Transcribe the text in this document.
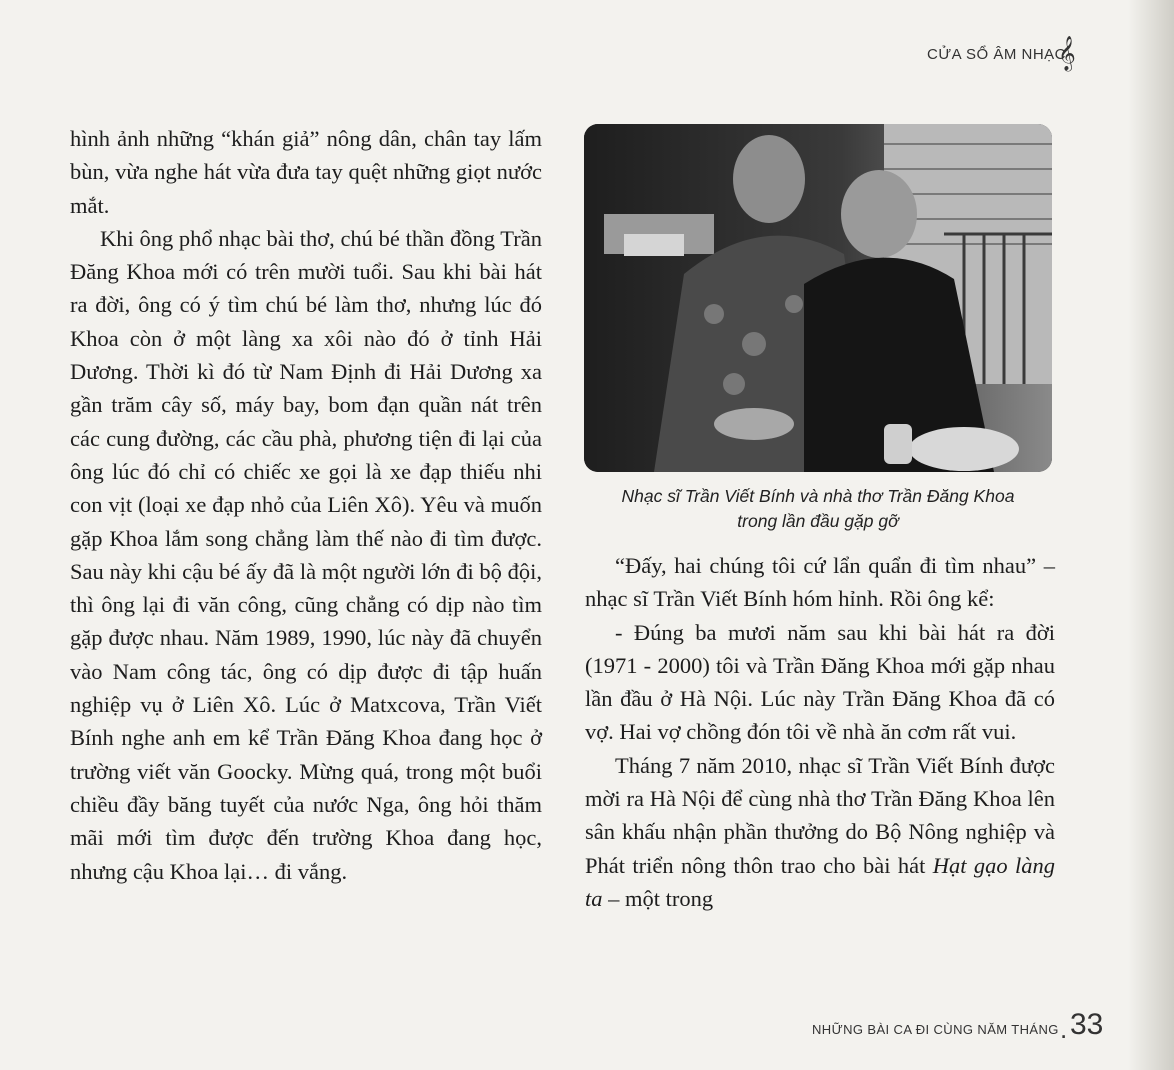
CỬA SỔ ÂM NHẠC
𝄞

hình ảnh những “khán giả” nông dân, chân tay lấm bùn, vừa nghe hát vừa đưa tay quệt những giọt nước mắt.

Khi ông phổ nhạc bài thơ, chú bé thần đồng Trần Đăng Khoa mới có trên mười tuổi. Sau khi bài hát ra đời, ông có ý tìm chú bé làm thơ, nhưng lúc đó Khoa còn ở một làng xa xôi nào đó ở tỉnh Hải Dương. Thời kì đó từ Nam Định đi Hải Dương xa gần trăm cây số, máy bay, bom đạn quần nát trên các cung đường, các cầu phà, phương tiện đi lại của ông lúc đó chỉ có chiếc xe gọi là xe đạp thiếu nhi con vịt (loại xe đạp nhỏ của Liên Xô). Yêu và muốn gặp Khoa lắm song chẳng làm thế nào đi tìm được. Sau này khi cậu bé ấy đã là một người lớn đi bộ đội, thì ông lại đi văn công, cũng chẳng có dịp nào tìm gặp được nhau. Năm 1989, 1990, lúc này đã chuyển vào Nam công tác, ông có dịp được đi tập huấn nghiệp vụ ở Liên Xô. Lúc ở Matxcova, Trần Viết Bính nghe anh em kể Trần Đăng Khoa đang học ở trường viết văn Goocky. Mừng quá, trong một buổi chiều đầy băng tuyết của nước Nga, ông hỏi thăm mãi mới tìm được đến trường Khoa đang học, nhưng cậu Khoa lại… đi vắng.

Nhạc sĩ Trần Viết Bính và nhà thơ Trần Đăng Khoa
trong lần đầu gặp gỡ

“Đấy, hai chúng tôi cứ lẩn quẩn đi tìm nhau” – nhạc sĩ Trần Viết Bính hóm hỉnh. Rồi ông kể:

- Đúng ba mươi năm sau khi bài hát ra đời (1971 - 2000) tôi và Trần Đăng Khoa mới gặp nhau lần đầu ở Hà Nội. Lúc này Trần Đăng Khoa đã có vợ. Hai vợ chồng đón tôi về nhà ăn cơm rất vui.

Tháng 7 năm 2010, nhạc sĩ Trần Viết Bính được mời ra Hà Nội để cùng nhà thơ Trần Đăng Khoa lên sân khấu nhận phần thưởng do Bộ Nông nghiệp và Phát triển nông thôn trao cho bài hát Hạt gạo làng ta – một trong

NHỮNG BÀI CA ĐI CÙNG NĂM THÁNG . 33
